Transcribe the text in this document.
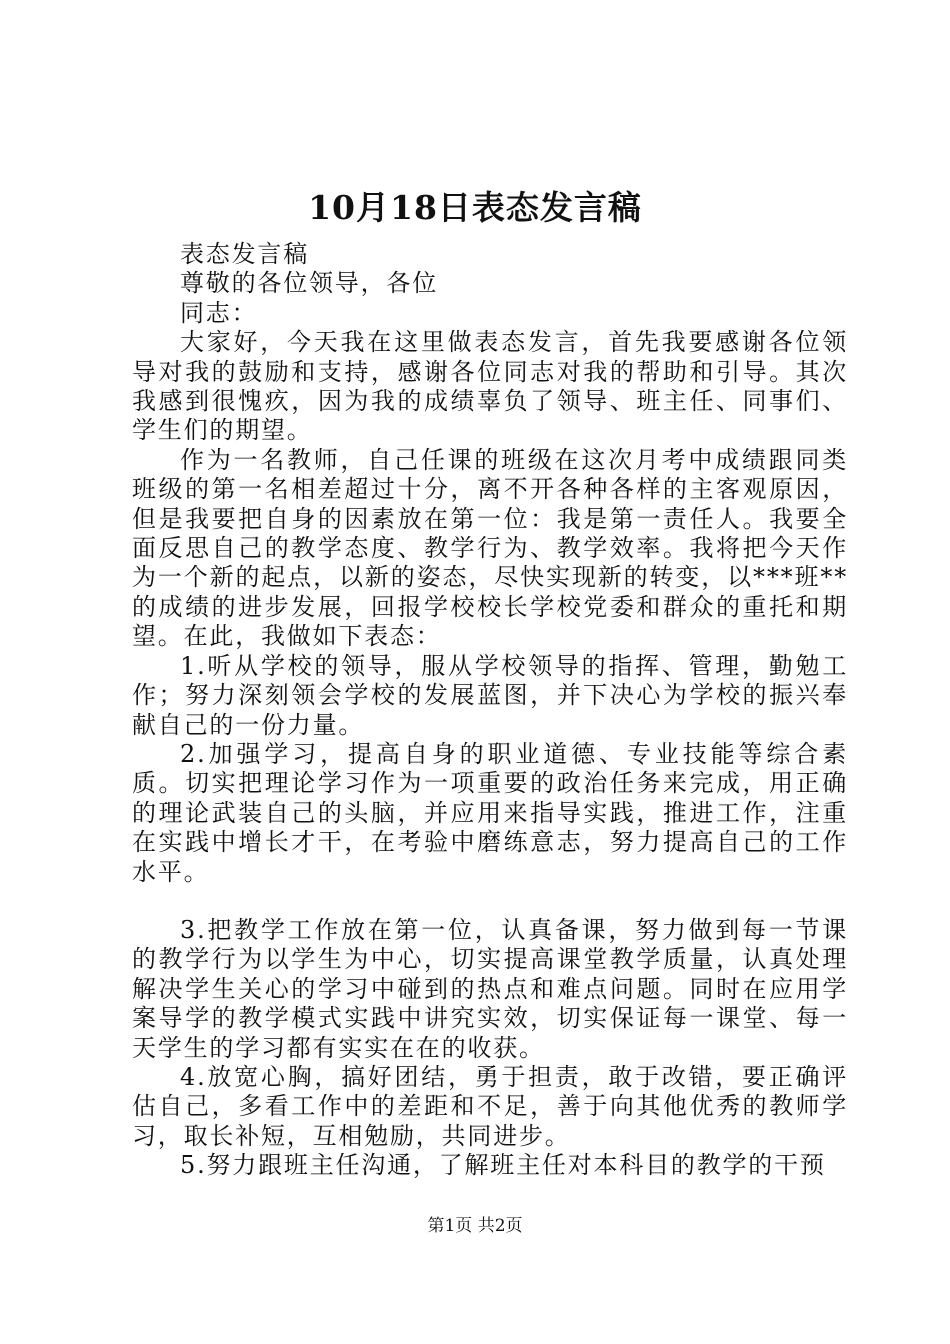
10月18日表态发言稿

表态发言稿

尊敬的各位领导，各位

同志：

大家好，今天我在这里做表态发言，首先我要感谢各位领导对我的鼓励和支持，感谢各位同志对我的帮助和引导。其次我感到很愧疚，因为我的成绩辜负了领导、班主任、同事们、学生们的期望。

作为一名教师，自己任课的班级在这次月考中成绩跟同类班级的第一名相差超过十分，离不开各种各样的主客观原因，但是我要把自身的因素放在第一位：我是第一责任人。我要全面反思自己的教学态度、教学行为、教学效率。我将把今天作为一个新的起点，以新的姿态，尽快实现新的转变，以***班**的成绩的进步发展，回报学校校长学校党委和群众的重托和期望。在此，我做如下表态：

1.听从学校的领导，服从学校领导的指挥、管理，勤勉工作；努力深刻领会学校的发展蓝图，并下决心为学校的振兴奉献自己的一份力量。

2.加强学习，提高自身的职业道德、专业技能等综合素质。切实把理论学习作为一项重要的政治任务来完成，用正确的理论武装自己的头脑，并应用来指导实践，推进工作，注重在实践中增长才干，在考验中磨练意志，努力提高自己的工作水平。

3.把教学工作放在第一位，认真备课，努力做到每一节课的教学行为以学生为中心，切实提高课堂教学质量，认真处理解决学生关心的学习中碰到的热点和难点问题。同时在应用学案导学的教学模式实践中讲究实效，切实保证每一课堂、每一天学生的学习都有实实在在的收获。

4.放宽心胸，搞好团结，勇于担责，敢于改错，要正确评估自己，多看工作中的差距和不足，善于向其他优秀的教师学习，取长补短，互相勉励，共同进步。

5.努力跟班主任沟通，了解班主任对本科目的教学的干预

第1页 共2页
